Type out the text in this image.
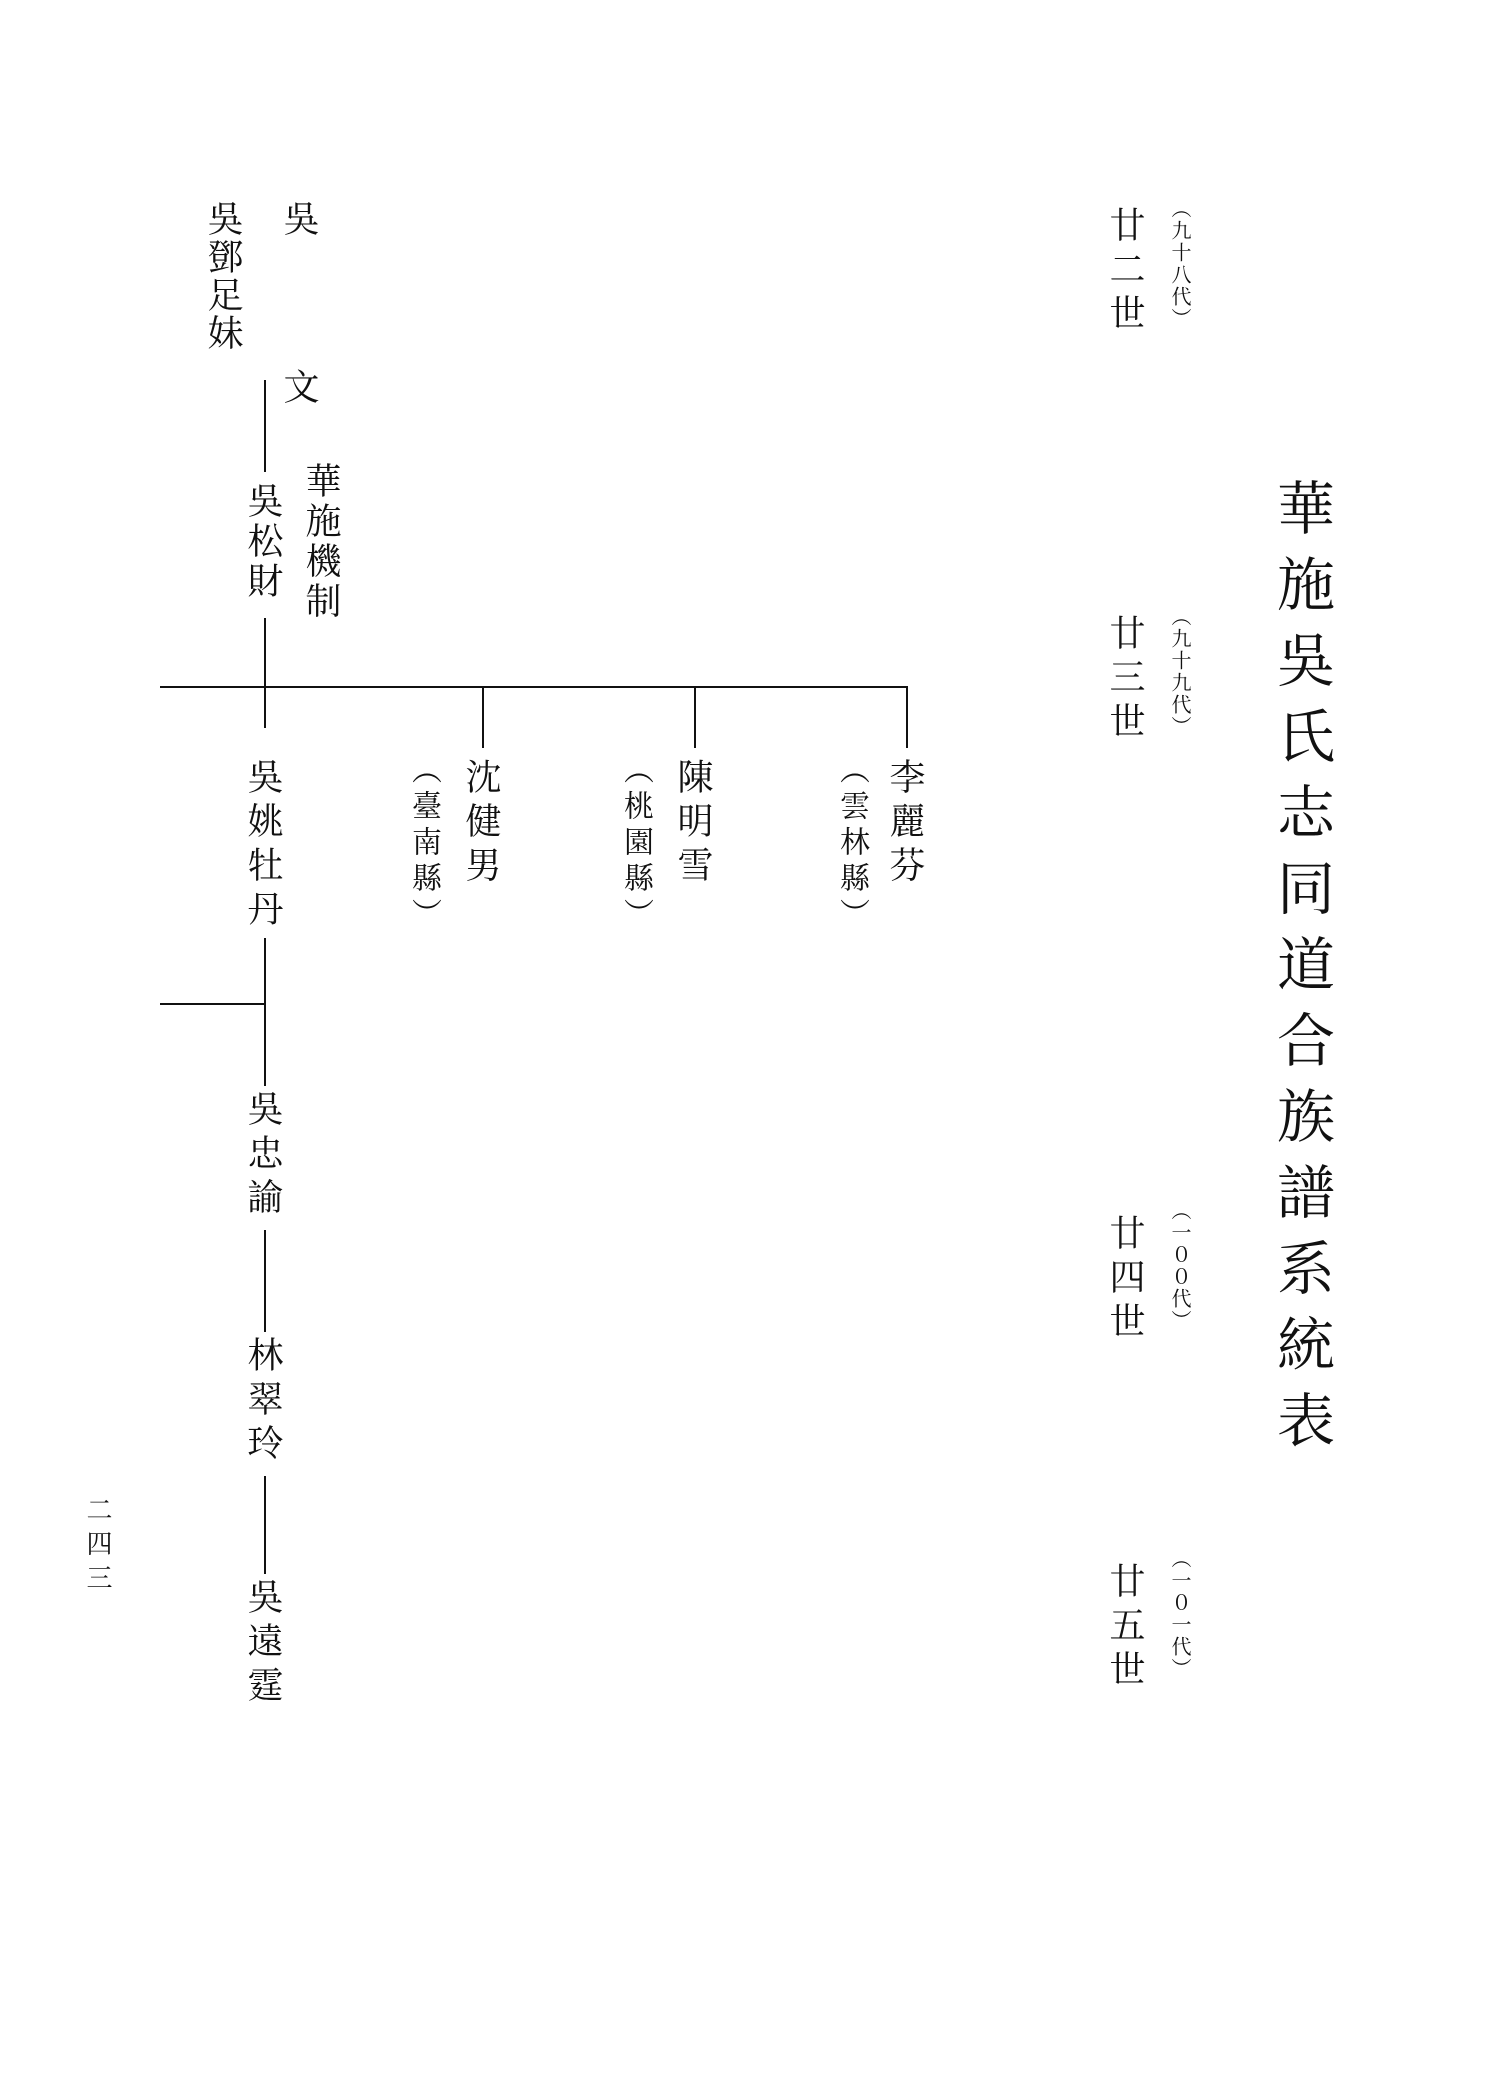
華施吳氏志同道合族譜系統表
廿二世 （九十八代）
廿三世 （九十九代）
廿四世 （一００代）
廿五世 （一０一代）
吳　文
吳鄧足妹
吳松財 華施機制
吳姚牡丹	沈健男
（臺南縣）	陳明雪
（桃園縣）	李麗芬
（雲林縣）
吳忠諭
林翠玲
吳遠霆
二四三
